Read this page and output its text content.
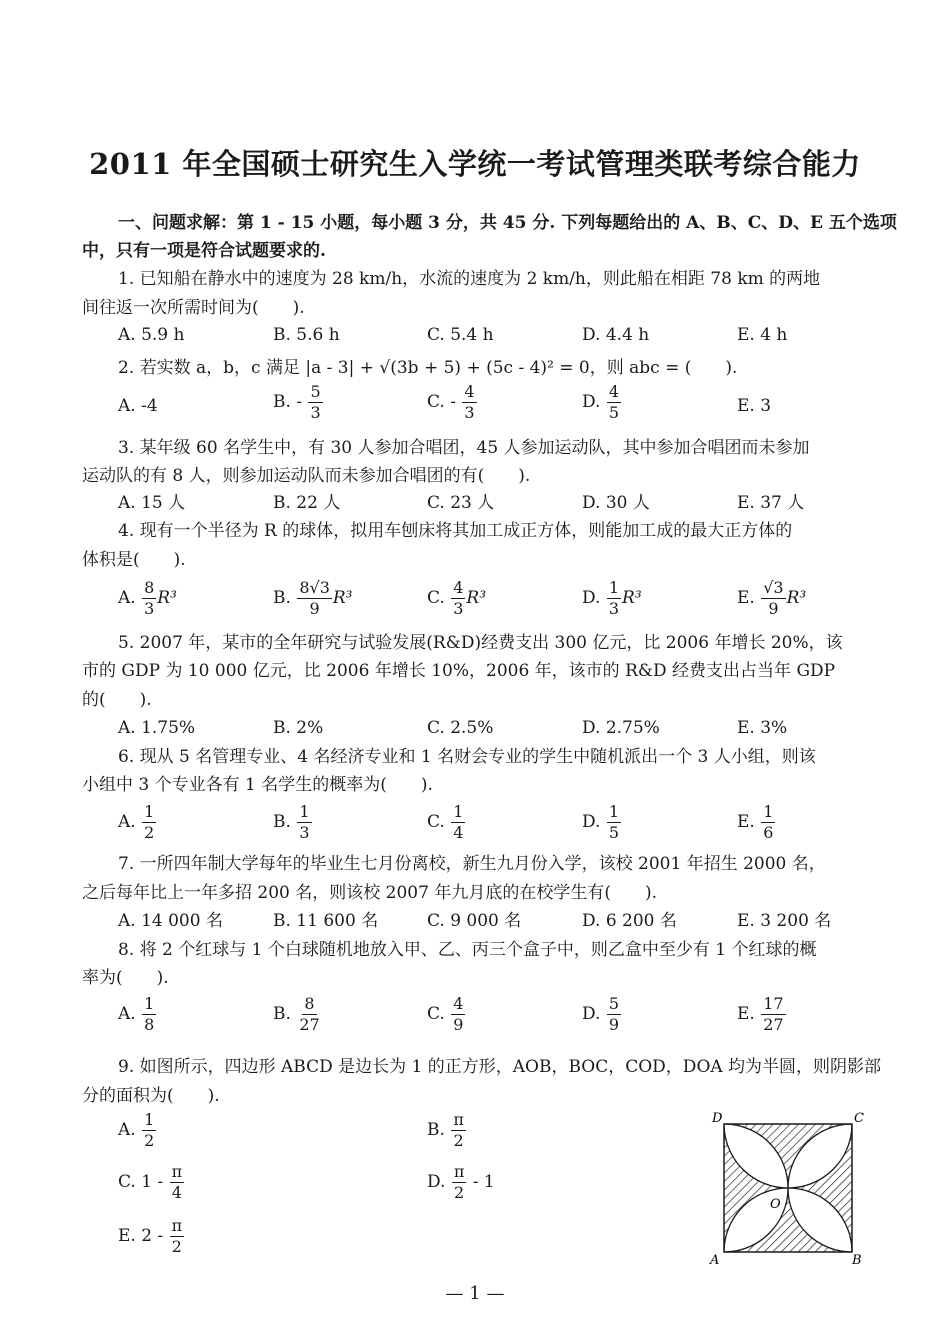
2011 年全国硕士研究生入学统一考试管理类联考综合能力
一、问题求解：第 1 - 15 小题，每小题 3 分，共 45 分. 下列每题给出的 A、B、C、D、E 五个选项
中，只有一项是符合试题要求的.
1. 已知船在静水中的速度为 28 km/h，水流的速度为 2 km/h，则此船在相距 78 km 的两地
间往返一次所需时间为(　　).
A. 5.9 h	B. 5.6 h	C. 5.4 h	D. 4.4 h	E. 4 h
2. 若实数 a，b，c 满足 |a - 3| + √(3b + 5) + (5c - 4)² = 0，则 abc = (　　).
A. -4	B. - $\frac{5}{3}$	C. - $\frac{4}{3}$	D. $\frac{4}{5}$	E. 3
3. 某年级 60 名学生中，有 30 人参加合唱团，45 人参加运动队，其中参加合唱团而未参加
运动队的有 8 人，则参加运动队而未参加合唱团的有(　　).
A. 15 人	B. 22 人	C. 23 人	D. 30 人	E. 37 人
4. 现有一个半径为 R 的球体，拟用车刨床将其加工成正方体，则能加工成的最大正方体的
体积是(　　).
A. $\frac{8}{3} R^3$	B. $\frac{8√3}{9} R^3$	C. $\frac{4}{3} R^3$	D. $\frac{1}{3} R^3$	E. $\frac{√3}{9} R^3$
5. 2007 年，某市的全年研究与试验发展(R&D)经费支出 300 亿元，比 2006 年增长 20%，该
市的 GDP 为 10 000 亿元，比 2006 年增长 10%，2006 年，该市的 R&D 经费支出占当年 GDP
的(　　).
A. 1.75%	B. 2%	C. 2.5%	D. 2.75%	E. 3%
6. 现从 5 名管理专业、4 名经济专业和 1 名财会专业的学生中随机派出一个 3 人小组，则该
小组中 3 个专业各有 1 名学生的概率为(　　).
A. $\frac{1}{2}$	B. $\frac{1}{3}$	C. $\frac{1}{4}$	D. $\frac{1}{5}$	E. $\frac{1}{6}$
7. 一所四年制大学每年的毕业生七月份离校，新生九月份入学，该校 2001 年招生 2000 名，
之后每年比上一年多招 200 名，则该校 2007 年九月底的在校学生有(　　).
A. 14 000 名	B. 11 600 名	C. 9 000 名	D. 6 200 名	E. 3 200 名
8. 将 2 个红球与 1 个白球随机地放入甲、乙、丙三个盒子中，则乙盒中至少有 1 个红球的概
率为(　　).
A. $\frac{1}{8}$	B. $\frac{8}{27}$	C. $\frac{4}{9}$	D. $\frac{5}{9}$	E. $\frac{17}{27}$
9. 如图所示，四边形 ABCD 是边长为 1 的正方形，AOB，BOC，COD，DOA 均为半圆，则阴影部
分的面积为(　　).
A. $\frac{1}{2}$	B. $\frac{\pi}{2}$
C. $1 - \frac{\pi}{4}$	D. $\frac{\pi}{2} - 1$
E. $2 - \frac{\pi}{2}$
D	C
A	B
O
— 1 —
